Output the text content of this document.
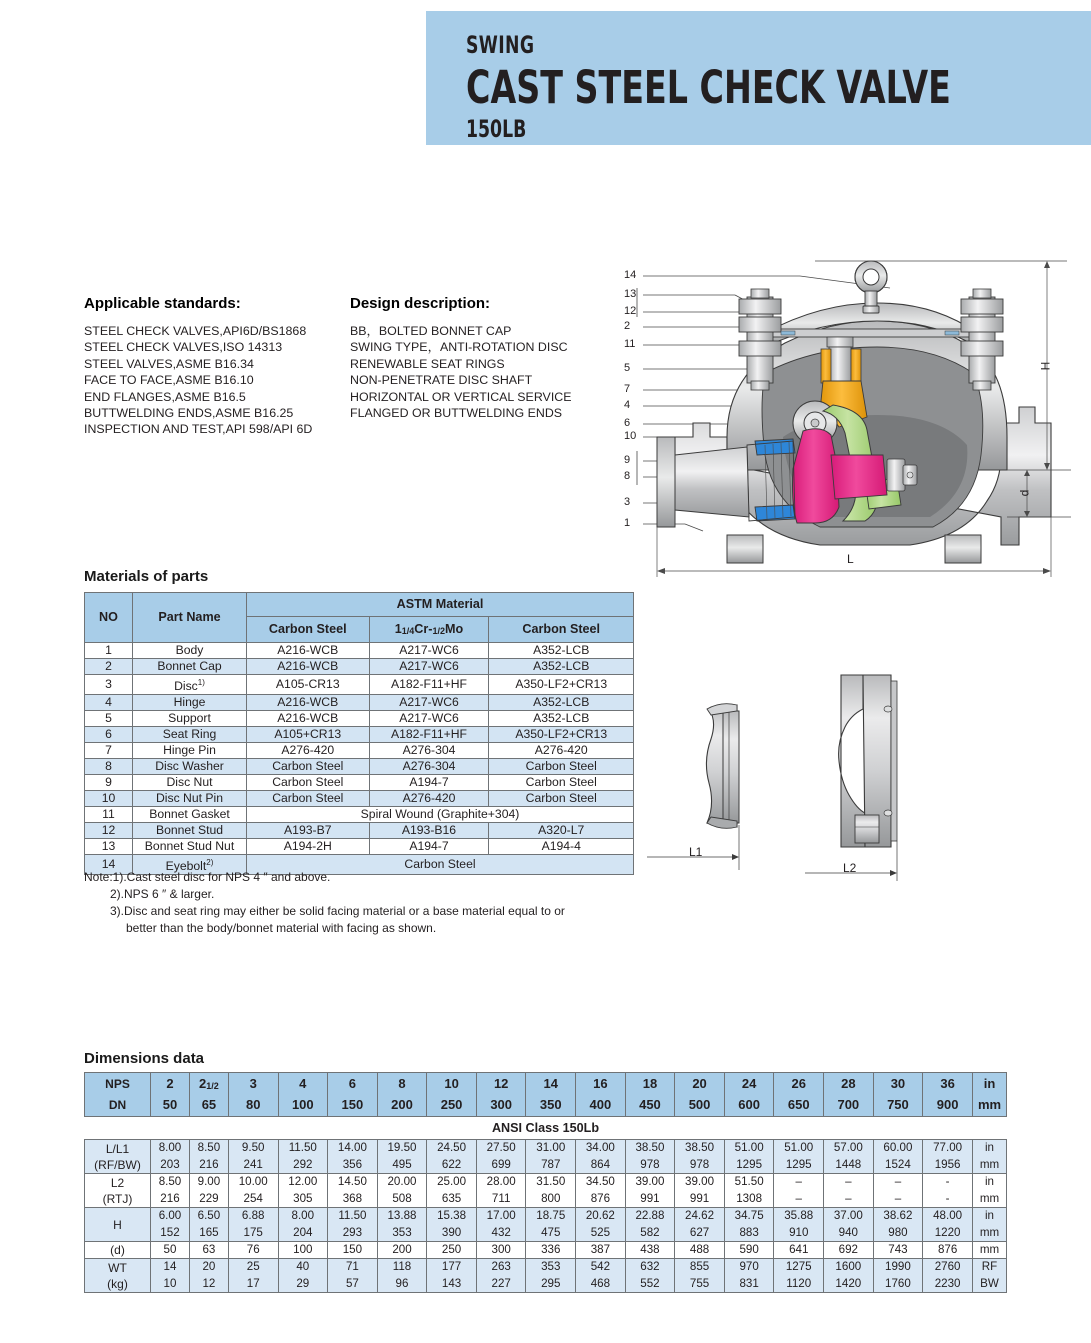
SWING
CAST STEEL CHECK VALVE
150LB
Applicable standards:
STEEL CHECK VALVES,API6D/BS1868
STEEL CHECK VALVES,ISO 14313
STEEL VALVES,ASME B16.34
FACE TO FACE,ASME B16.10
END FLANGES,ASME B16.5
BUTTWELDING ENDS,ASME B16.25
INSPECTION AND TEST,API 598/API 6D
Design description:
BB，BOLTED BONNET CAP
SWING TYPE，ANTI-ROTATION DISC
RENEWABLE SEAT RINGS
NON-PENETRATE DISC SHAFT
HORIZONTAL OR VERTICAL SERVICE
FLANGED OR BUTTWELDING ENDS
14
13
12
2
11
5
7
4
6
10
9
8
3
1
H
d
L
L1
L2
Materials of parts
NO	Part Name	ASTM Material		
		Carbon Steel	11/4Cr-1/2Mo	Carbon Steel
1	Body	A216-WCB	A217-WC6	A352-LCB
2	Bonnet Cap	A216-WCB	A217-WC6	A352-LCB
3	Disc$^{1)}$	A105-CR13	A182-F11+HF	A350-LF2+CR13
4	Hinge	A216-WCB	A217-WC6	A352-LCB
5	Support	A216-WCB	A217-WC6	A352-LCB
6	Seat Ring	A105+CR13	A182-F11+HF	A350-LF2+CR13
7	Hinge Pin	A276-420	A276-304	A276-420
8	Disc Washer	Carbon Steel	A276-304	Carbon Steel
9	Disc Nut	Carbon Steel	A194-7	Carbon Steel
10	Disc Nut Pin	Carbon Steel	A276-420	Carbon Steel
11	Bonnet Gasket	Spiral Wound (Graphite+304)		
12	Bonnet Stud	A193-B7	A193-B16	A320-L7
13	Bonnet Stud Nut	A194-2H	A194-7	A194-4
14	Eyebolt$^{2)}$	Carbon Steel		
Note:1).Cast steel disc for NPS 4 ″ and above.
2).NPS 6 ″ & larger.
3).Disc and seat ring may either be solid facing material or a base material equal to or
better than the body/bonnet material with facing as shown.
Dimensions data
NPS	2	21/2	3	4	6	8	10	12	14	16	18	20	24	26	28	30	36	in
DN	50	65	80	100	150	200	250	300	350	400	450	500	600	650	700	750	900	mm
ANSI Class 150Lb																		
L/L1
(RF/BW)	8.00	8.50	9.50	11.50	14.00	19.50	24.50	27.50	31.00	34.00	38.50	38.50	51.00	51.00	57.00	60.00	77.00	in
	203	216	241	292	356	495	622	699	787	864	978	978	1295	1295	1448	1524	1956	mm
L2
(RTJ)	8.50	9.00	10.00	12.00	14.50	20.00	25.00	28.00	31.50	34.50	39.00	39.00	51.50	–	–	–	-	in
	216	229	254	305	368	508	635	711	800	876	991	991	1308	–	–	–	-	mm
H	6.00	6.50	6.88	8.00	11.50	13.88	15.38	17.00	18.75	20.62	22.88	24.62	34.75	35.88	37.00	38.62	48.00	in
	152	165	175	204	293	353	390	432	475	525	582	627	883	910	940	980	1220	mm
(d)	50	63	76	100	150	200	250	300	336	387	438	488	590	641	692	743	876	mm
WT
(kg)	14	20	25	40	71	118	177	263	353	542	632	855	970	1275	1600	1990	2760	RF
	10	12	17	29	57	96	143	227	295	468	552	755	831	1120	1420	1760	2230	BW
